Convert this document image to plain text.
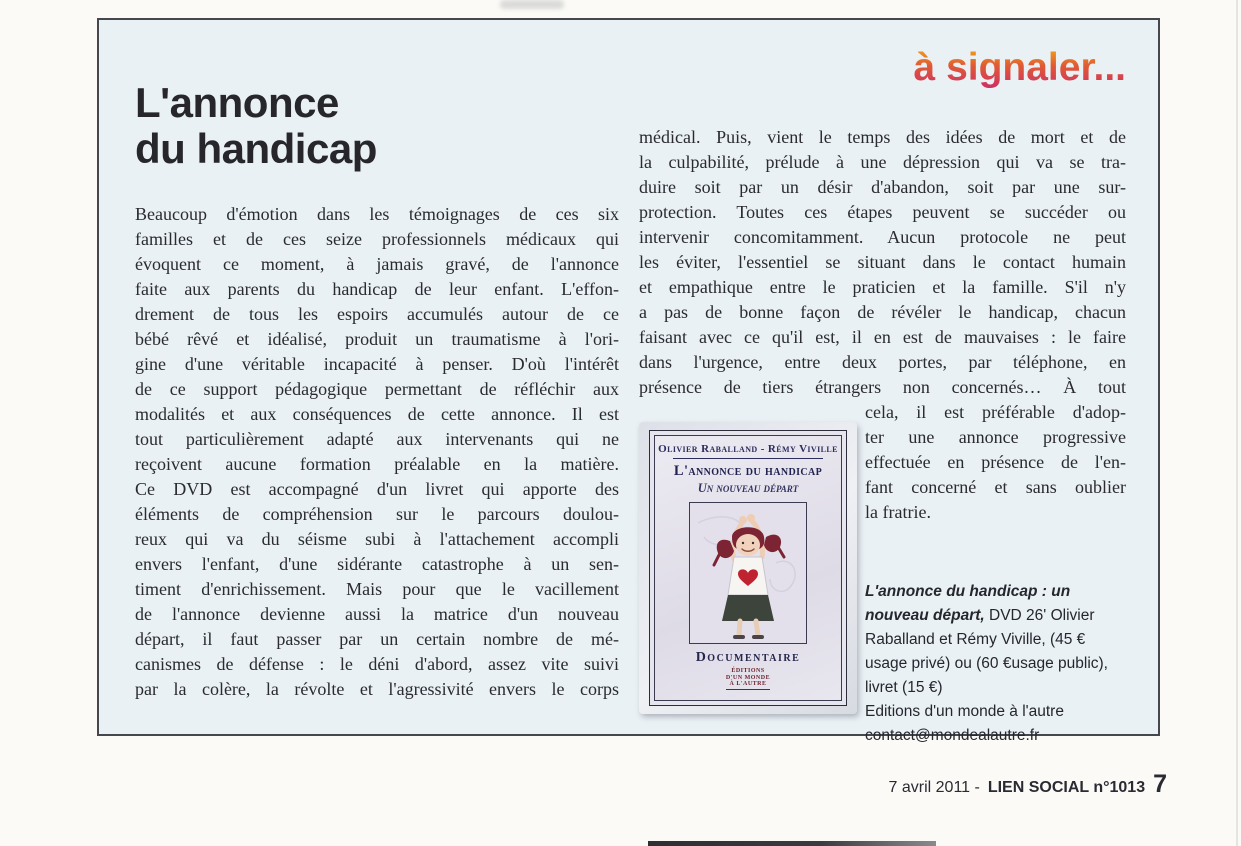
L'annonce
du handicap
Beaucoup d'émotion dans les témoignages de ces six
familles et de ces seize professionnels médicaux qui
évoquent ce moment, à jamais gravé, de l'annonce
faite aux parents du handicap de leur enfant. L'effon-
drement de tous les espoirs accumulés autour de ce
bébé rêvé et idéalisé, produit un traumatisme à l'ori-
gine d'une véritable incapacité à penser. D'où l'intérêt
de ce support pédagogique permettant de réfléchir aux
modalités et aux conséquences de cette annonce. Il est
tout particulièrement adapté aux intervenants qui ne
reçoivent aucune formation préalable en la matière.
Ce DVD est accompagné d'un livret qui apporte des
éléments de compréhension sur le parcours doulou-
reux qui va du séisme subi à l'attachement accompli
envers l'enfant, d'une sidérante catastrophe à un sen-
timent d'enrichissement. Mais pour que le vacillement
de l'annonce devienne aussi la matrice d'un nouveau
départ, il faut passer par un certain nombre de mé-
canismes de défense : le déni d'abord, assez vite suivi
par la colère, la révolte et l'agressivité envers le corps
à signaler...
médical. Puis, vient le temps des idées de mort et de
la culpabilité, prélude à une dépression qui va se tra-
duire soit par un désir d'abandon, soit par une sur-
protection. Toutes ces étapes peuvent se succéder ou
intervenir concomitamment. Aucun protocole ne peut
les éviter, l'essentiel se situant dans le contact humain
et empathique entre le praticien et la famille. S'il n'y
a pas de bonne façon de révéler le handicap, chacun
faisant avec ce qu'il est, il en est de mauvaises : le faire
dans l'urgence, entre deux portes, par téléphone, en
présence de tiers étrangers non concernés… À tout
cela, il est préférable d'adop-
ter une annonce progressive
effectuée en présence de l'en-
fant concerné et sans oublier
la fratrie.
Olivier Raballand - Rémy Viville
L'annonce du handicap
Un nouveau départ
Documentaire
ÉDITIONS
D'UN MONDE
À L'AUTRE

L'annonce du handicap : un nouveau départ, DVD 26' Olivier Raballand et Rémy Viville, (45 € usage privé) ou (60 €usage public), livret (15 €)

Editions d'un monde à l'autre
contact@mondealautre.fr
7 avril 2011 - LIEN SOCIAL n°1013 7
